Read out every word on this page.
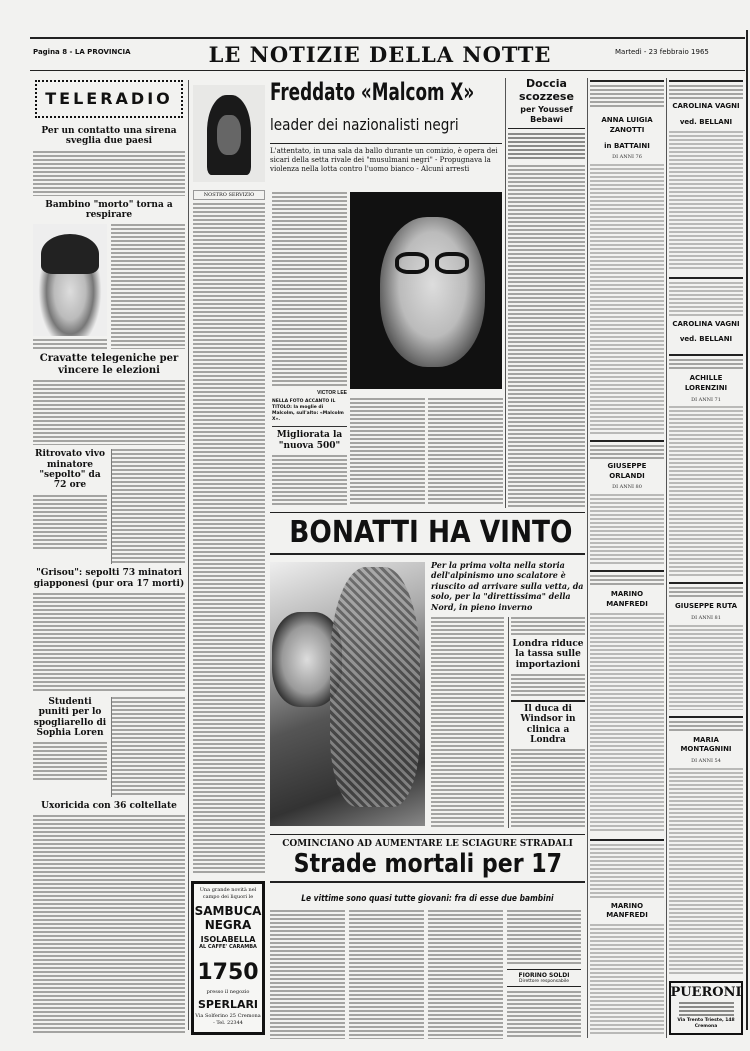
Pagina 8 - LA PROVINCIA	LE NOTIZIE DELLA NOTTE	Martedì - 23 febbraio 1965
TELERADIO
Per un contatto una sirena sveglia due paesi
Bambino "morto" torna a respirare
Cravatte telegeniche per vincere le elezioni
Ritrovato vivo minatore "sepolto" da 72 ore
"Grisou": sepolti 73 minatori giapponesi (pur ora 17 morti)
Studenti puniti per lo spogliarello di Sophia Loren
Uxoricida con 36 coltellate
NOSTRO SERVIZIO
Una grande novità nel campo dei liquori le
SAMBUCA
NEGRA
ISOLABELLA
AL CAFFE' CARAMBA
1750
presso il negozio
SPERLARI
Via Solferino 25 Cremona - Tel. 22344
Freddato «Malcom X»
leader dei nazionalisti negri
L'attentato, in una sala da ballo durante un comizio, è opera dei sicari della setta rivale dei "musulmani negri" - Propugnava la violenza nella lotta contro l'uomo bianco - Alcuni arresti
VICTOR LEE
NELLA FOTO ACCANTO IL TITOLO: la moglie di Malcolm, sull'alto: «Malcolm X».
Migliorata la "nuova 500"
Doccia scozzese
per Youssef Bebawi
BONATTI HA VINTO
Per la prima volta nella storia dell'alpinismo uno scalatore è riuscito ad arrivare sulla vetta, da solo, per la "direttissima" della Nord, in pieno inverno
Londra riduce la tassa sulle importazioni
Il duca di Windsor in clinica a Londra
COMINCIANO AD AUMENTARE LE SCIAGURE STRADALI
Strade mortali per 17
Le vittime sono quasi tutte giovani: fra di esse due bambini
FIORINO SOLDI
Direttore responsabile
ANNA LUIGIA ZANOTTI
in BATTAINI
DI ANNI 76
GIUSEPPE ORLANDI
DI ANNI 80
MARINO MANFREDI
MARINO MANFREDI
CAROLINA VAGNI
ved. BELLANI
CAROLINA VAGNI
ved. BELLANI
ACHILLE LORENZINI
DI ANNI 71
GIUSEPPE RUTA
DI ANNI 81
MARIA MONTAGNINI
DI ANNI 54
PUERONI
Via Trento Trieste, 148 Cremona
